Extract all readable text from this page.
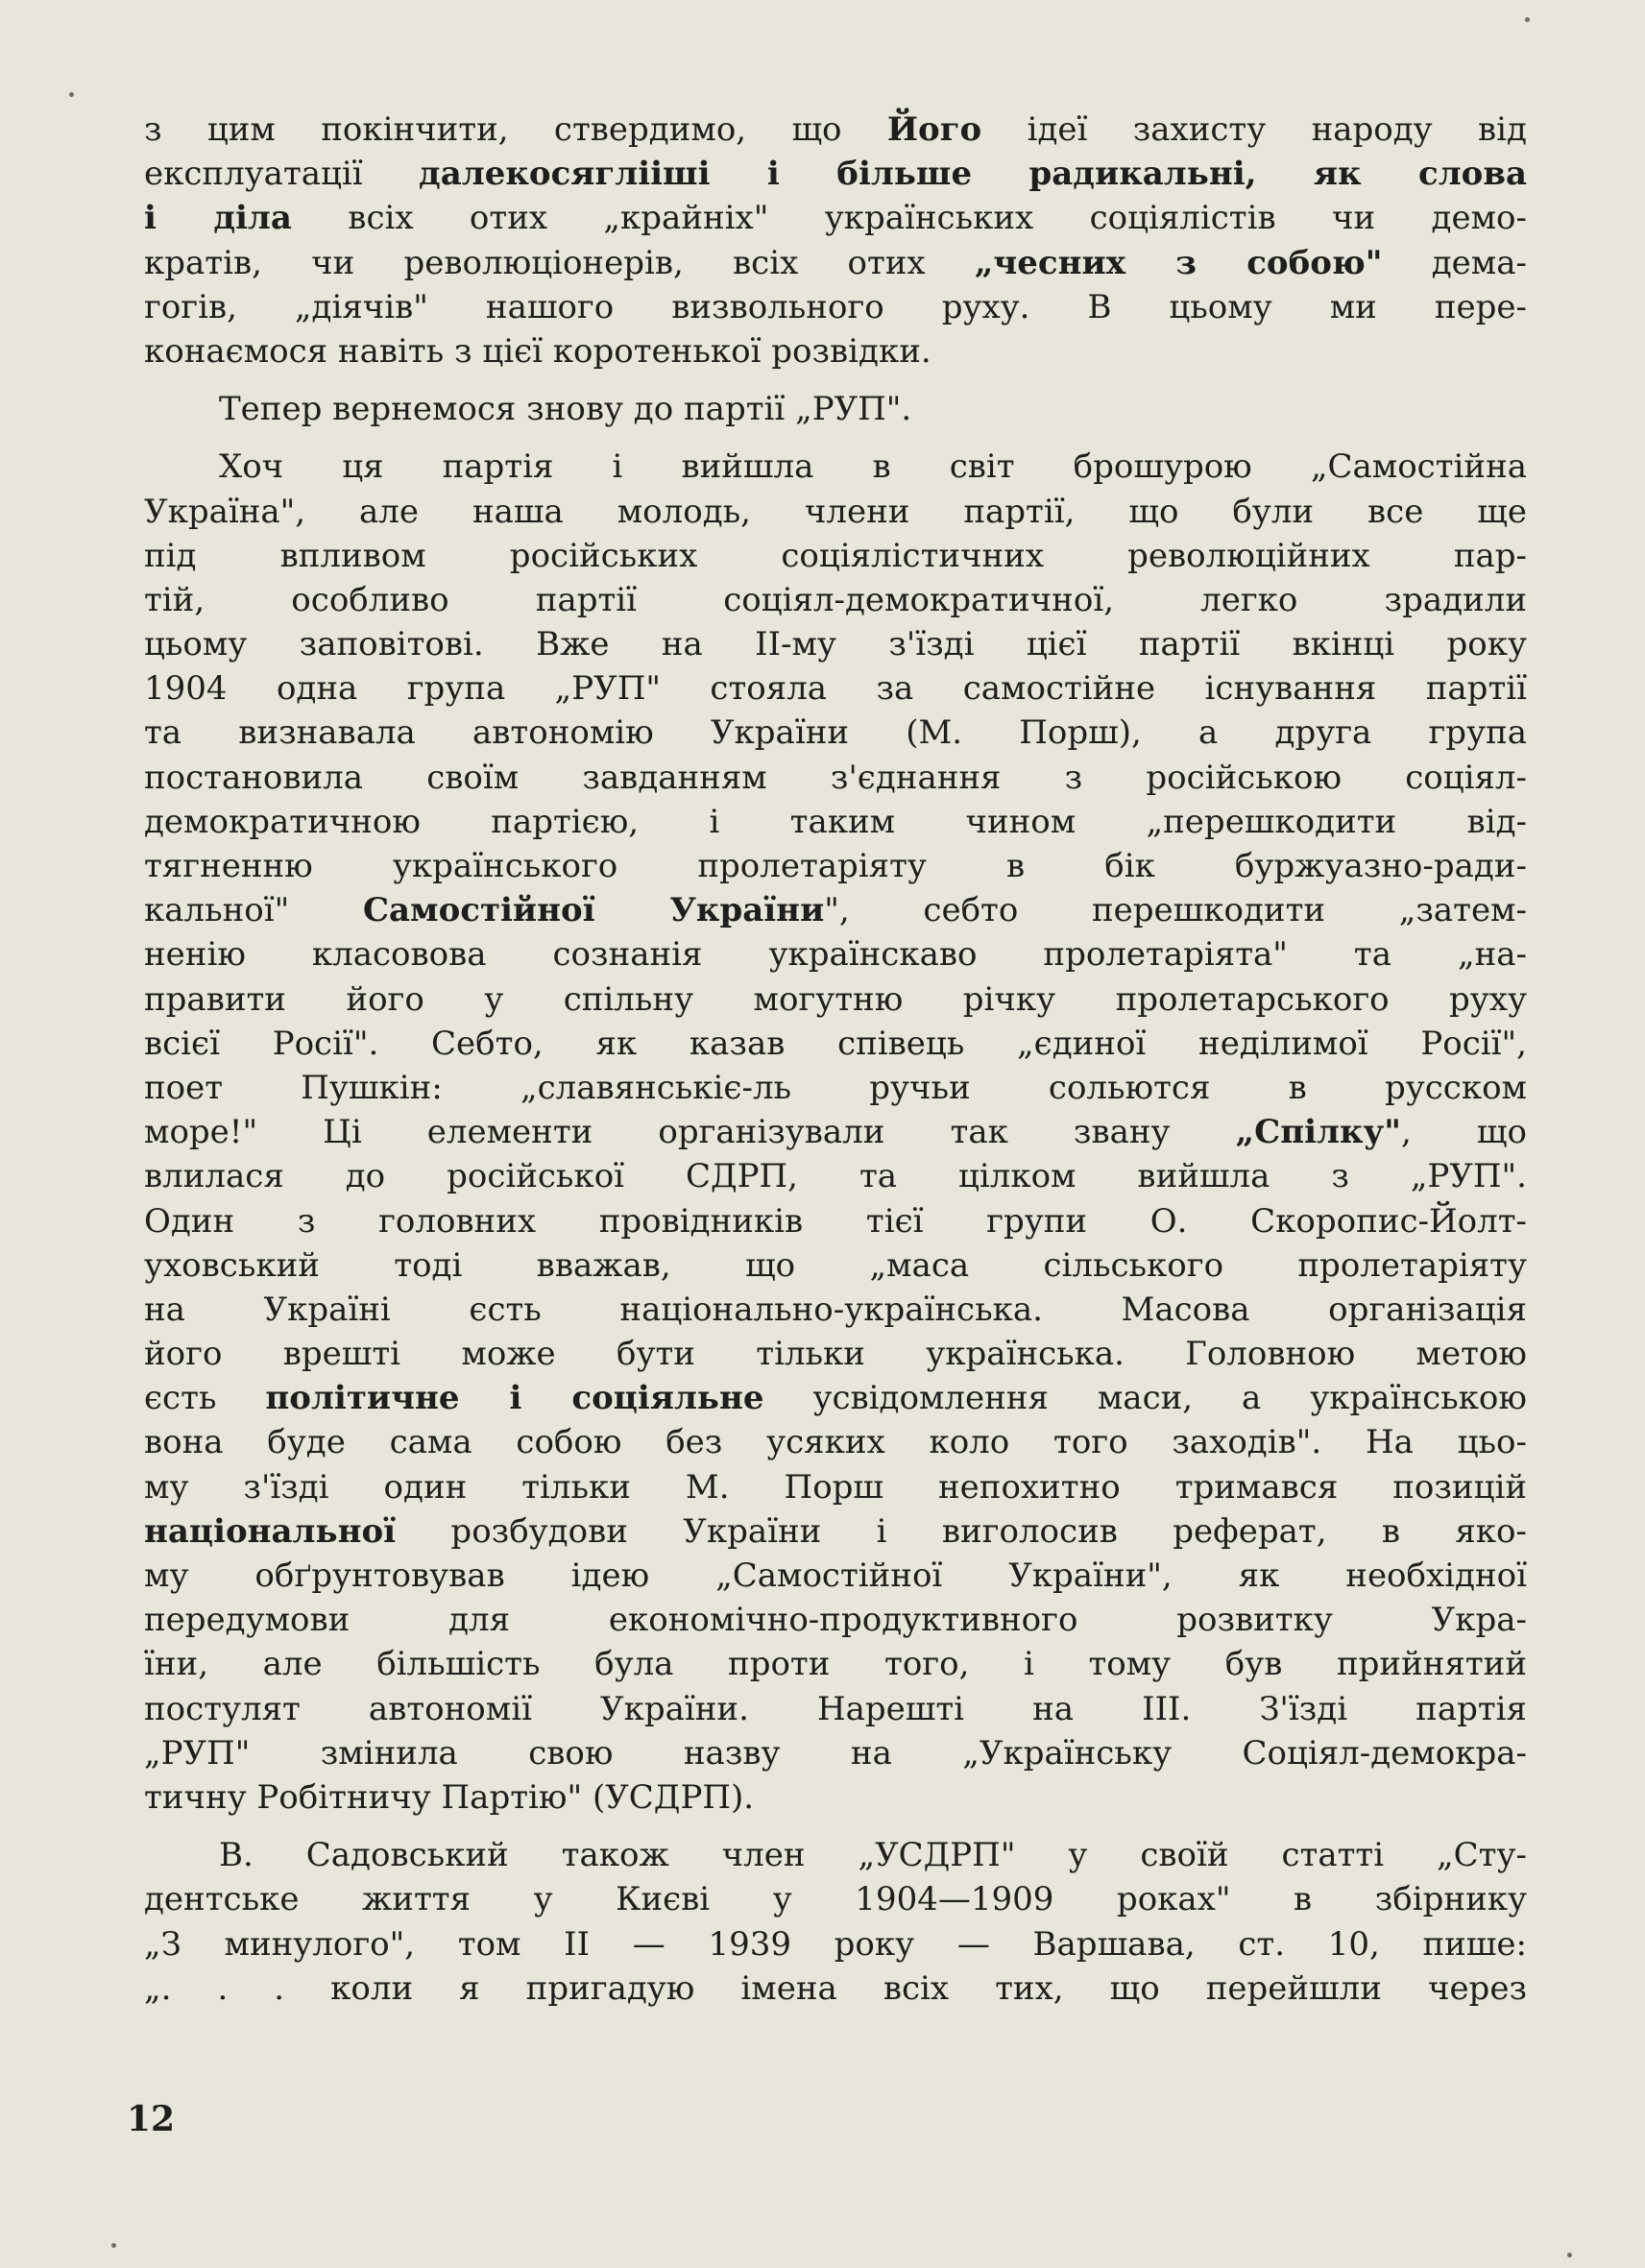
з цим покінчити, ствердимо, що Його ідеї захисту народу від
експлуатації далекосяглііші і більше радикальні, як слова
і діла всіх отих „крайніх" українських соціялістів чи демо-
кратів, чи революціонерів, всіх отих „чесних з собою" дема-
гогів, „діячів" нашого визвольного руху. В цьому ми пере-
конаємося навіть з цієї коротенької розвідки.
Тепер вернемося знову до партії „РУП".
Хоч ця партія і вийшла в світ брошурою „Самостійна
Україна", але наша молодь, члени партії, що були все ще
під впливом російських соціялістичних революційних пар-
тій, особливо партії соціял-демократичної, легко зрадили
цьому заповітові. Вже на II-му з'їзді цієї партії вкінці року
1904 одна група „РУП" стояла за самостійне існування партії
та визнавала автономію України (М. Порш), а друга група
постановила своїм завданням з'єднання з російською соціял-
демократичною партією, і таким чином „перешкодити від-
тягненню українського пролетаріяту в бік буржуазно-ради-
кальної" Самостійної України", себто перешкодити „затем-
ненію класовова сознанія українскаво пролетарiята" та „на-
правити його у спільну могутню річку пролетарського руху
всієї Росії". Себто, як казав співець „єдиної неділимої Росії",
поет Пушкін: „славянськіє-ль ручьи сольются в русском
море!" Ці елементи організували так звану „Спілку", що
влилася до російської СДРП, та цілком вийшла з „РУП".
Один з головних провідників тієї групи О. Скоропис-Йолт-
уховський тоді вважав, що „маса сільського пролетаріяту
на Україні єсть національно-українська. Масова організація
його врешті може бути тільки українська. Головною метою
єсть політичне і соціяльне усвідомлення маси, а українською
вона буде сама собою без усяких коло того заходів". На цьо-
му з'їзді один тільки М. Порш непохитно тримався позицій
національної розбудови України і виголосив реферат, в яко-
му обґрунтовував ідею „Самостійної України", як необхідної
передумови для економічно-продуктивного розвитку Укра-
їни, але більшість була проти того, і тому був прийнятий
постулят автономії України. Нарешті на III. З'їзді партія
„РУП" змінила свою назву на „Українську Соціял-демокра-
тичну Робітничу Партію" (УСДРП).
В. Садовський також член „УСДРП" у своїй статті „Сту-
дентське життя у Києві у 1904—1909 роках" в збірнику
„З минулого", том II — 1939 року — Варшава, ст. 10, пише:
„. . . коли я пригадую імена всіх тих, що перейшли через
12
